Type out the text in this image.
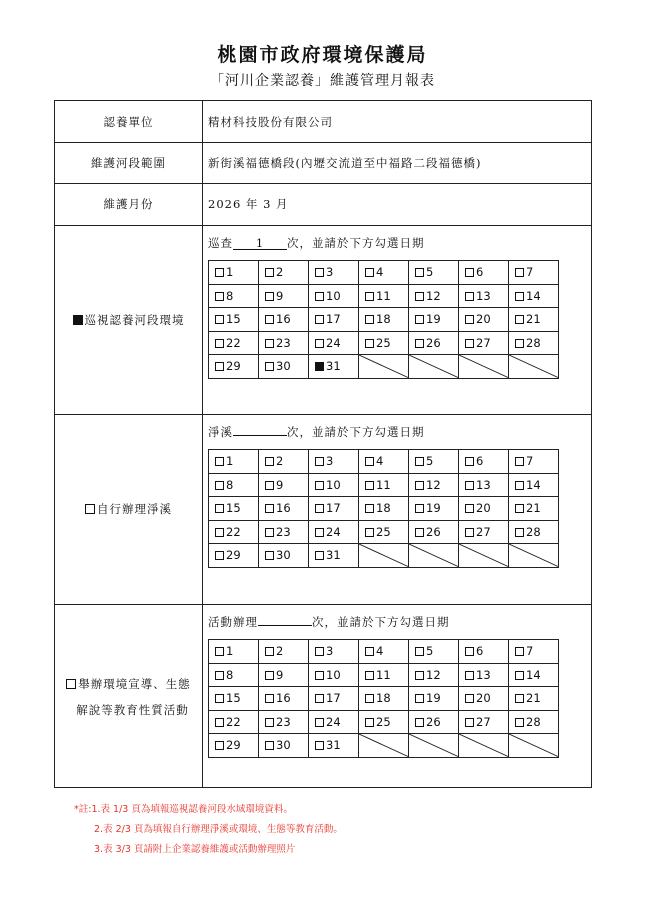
桃園市政府環境保護局
「河川企業認養」維護管理月報表
認養單位	精材科技股份有限公司
維護河段範圍	新街溪福德橋段(內壢交流道至中福路二段福德橋)
維護月份	2026 年 3 月
巡視認養河段環境
巡查 1 次，並請於下方勾選日期
1	2	3	4	5	6	7
8	9	10	11	12	13	14
15	16	17	18	19	20	21
22	23	24	25	26	27	28
29	30	31	

自行辦理淨溪
淨溪	次，並請於下方勾選日期
1	2	3	4	5	6	7
8	9	10	11	12	13	14
15	16	17	18	19	20	21
22	23	24	25	26	27	28
29	30	31	

舉辦環境宣導、生態
解說等教育性質活動
活動辦理	次，並請於下方勾選日期
1	2	3	4	5	6	7
8	9	10	11	12	13	14
15	16	17	18	19	20	21
22	23	24	25	26	27	28
29	30	31	

*註:1.表 1/3 頁為填報巡視認養河段水域環境資料。
2.表 2/3 頁為填報自行辦理淨溪或環境、生態等教育活動。
3.表 3/3 頁請附上企業認養維護或活動辦理照片
